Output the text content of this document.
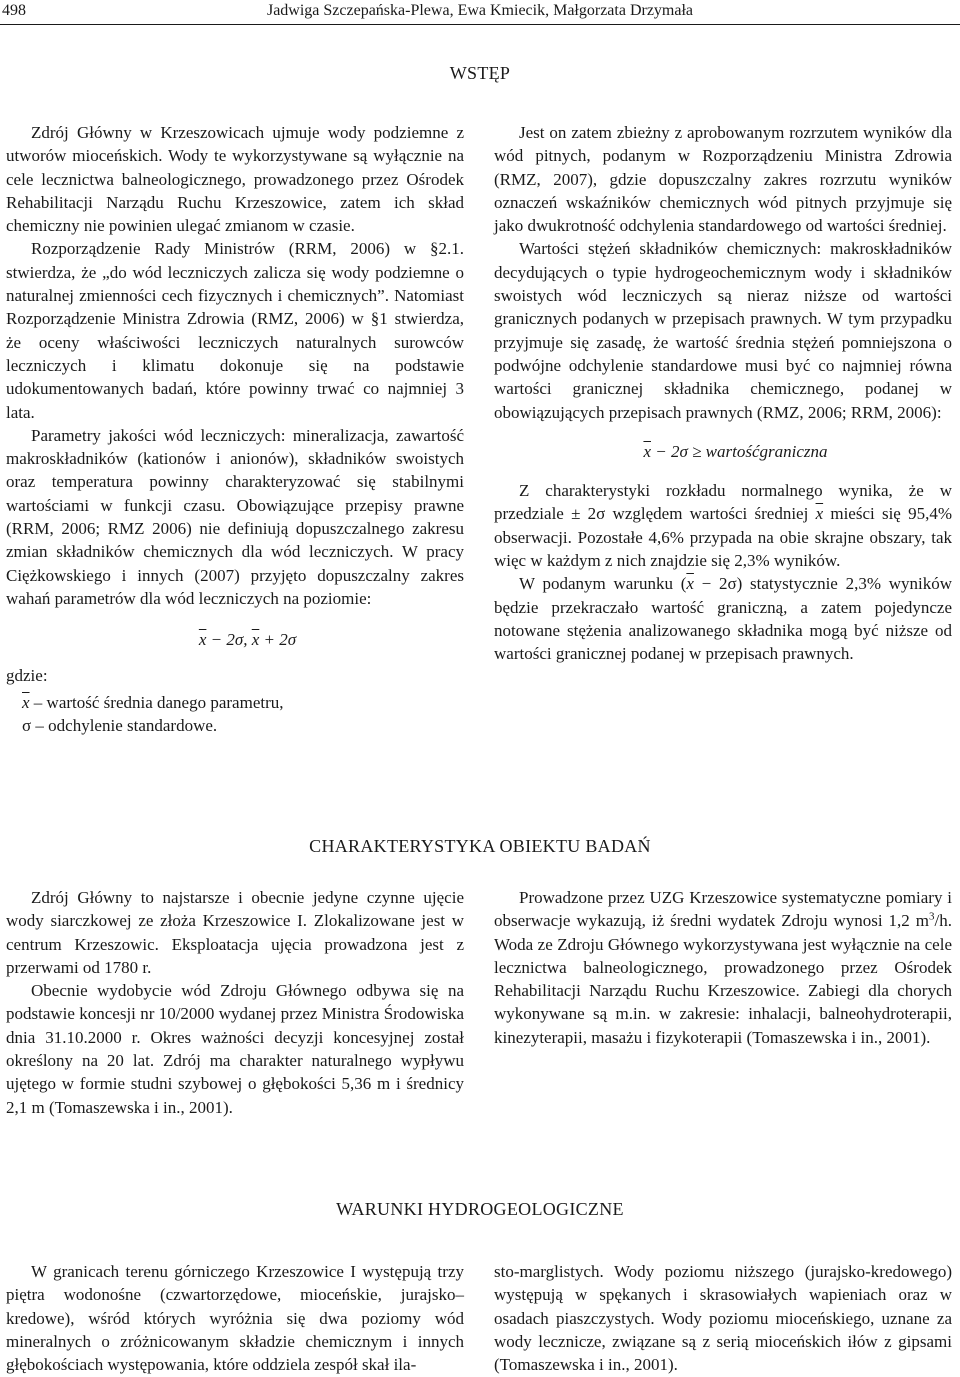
498	Jadwiga Szczepańska-Plewa, Ewa Kmiecik, Małgorzata Drzymała
WSTĘP

Zdrój Główny w Krzeszowicach ujmuje wody podziemne z utworów mioceńskich. Wody te wykorzystywane są wyłącznie na cele lecznictwa balneologicznego, prowadzonego przez Ośrodek Rehabilitacji Narządu Ruchu Krzeszowice, zatem ich skład chemiczny nie powinien ulegać zmianom w czasie.

Rozporządzenie Rady Ministrów (RRM, 2006) w §2.1. stwierdza, że „do wód leczniczych zalicza się wody podziemne o naturalnej zmienności cech fizycznych i chemicznych”. Natomiast Rozporządzenie Ministra Zdrowia (RMZ, 2006) w §1 stwierdza, że oceny właściwości leczniczych naturalnych surowców leczniczych i klimatu dokonuje się na podstawie udokumentowanych badań, które powinny trwać co najmniej 3 lata.

Parametry jakości wód leczniczych: mineralizacja, zawartość makroskładników (kationów i anionów), składników swoistych oraz temperatura powinny charakteryzować się stabilnymi wartościami w funkcji czasu. Obowiązujące przepisy prawne (RRM, 2006; RMZ 2006) nie definiują dopuszczalnego zakresu zmian składników chemicznych dla wód leczniczych. W pracy Ciężkowskiego i innych (2007) przyjęto dopuszczalny zakres wahań parametrów dla wód leczniczych na poziomie:

$\overline{x} - 2\sigma$, $\overline{x} + 2\sigma$

gdzie:

$\overline{x}$ – wartość średnia danego parametru,
σ – odchylenie standardowe.

Jest on zatem zbieżny z aprobowanym rozrzutem wyników dla wód pitnych, podanym w Rozporządzeniu Ministra Zdrowia (RMZ, 2007), gdzie dopuszczalny zakres rozrzutu wyników oznaczeń wskaźników chemicznych wód pitnych przyjmuje się jako dwukrotność odchylenia standardowego od wartości średniej.

Wartości stężeń składników chemicznych: makroskładników decydujących o typie hydrogeochemicznym wody i składników swoistych wód leczniczych są nieraz niższe od wartości granicznych podanych w przepisach prawnych. W tym przypadku przyjmuje się zasadę, że wartość średnia stężeń pomniejszona o podwójne odchylenie standardowe musi być co najmniej równa wartości granicznej składnika chemicznego, podanej w obowiązujących przepisach prawnych (RMZ, 2006; RRM, 2006):

$\overline{x} - 2\sigma$ ≥ wartośćgraniczna

Z charakterystyki rozkładu normalnego wynika, że w przedziale ± 2σ względem wartości średniej $\overline{x}$ mieści się 95,4% obserwacji. Pozostałe 4,6% przypada na obie skrajne obszary, tak więc w każdym z nich znajdzie się 2,3% wyników.

W podanym warunku $(\overline{x} - 2\sigma)$ statystycznie 2,3% wyników będzie przekraczało wartość graniczną, a zatem pojedyncze notowane stężenia analizowanego składnika mogą być niższe od wartości granicznej podanej w przepisach prawnych.

CHARAKTERYSTYKA OBIEKTU BADAŃ

Zdrój Główny to najstarsze i obecnie jedyne czynne ujęcie wody siarczkowej ze złoża Krzeszowice I. Zlokalizowane jest w centrum Krzeszowic. Eksploatacja ujęcia prowadzona jest z przerwami od 1780 r.

Obecnie wydobycie wód Zdroju Głównego odbywa się na podstawie koncesji nr 10/2000 wydanej przez Ministra Środowiska dnia 31.10.2000 r. Okres ważności decyzji koncesyjnej został określony na 20 lat. Zdrój ma charakter naturalnego wypływu ujętego w formie studni szybowej o głębokości 5,36 m i średnicy 2,1 m (Tomaszewska i in., 2001).

Prowadzone przez UZG Krzeszowice systematyczne pomiary i obserwacje wykazują, iż średni wydatek Zdroju wynosi 1,2 $m^3/h$. Woda ze Zdroju Głównego wykorzystywana jest wyłącznie na cele lecznictwa balneologicznego, prowadzonego przez Ośrodek Rehabilitacji Narządu Ruchu Krzeszowice. Zabiegi dla chorych wykonywane są m.in. w zakresie: inhalacji, balneohydroterapii, kinezyterapii, masażu i fizykoterapii (Tomaszewska i in., 2001).

WARUNKI HYDROGEOLOGICZNE

W granicach terenu górniczego Krzeszowice I występują trzy piętra wodonośne (czwartorzędowe, mioceńskie, jurajsko–kredowe), wśród których wyróżnia się dwa poziomy wód mineralnych o zróżnicowanym składzie chemicznym i innych głębokościach występowania, które oddziela zespół skał ila-

sto-marglistych. Wody poziomu niższego (jurajsko-kredowego) występują w spękanych i skrasowiałych wapieniach oraz w osadach piaszczystych. Wody poziomu mioceńskiego, uznane za wody lecznicze, związane są z serią mioceńskich iłów z gipsami (Tomaszewska i in., 2001).
